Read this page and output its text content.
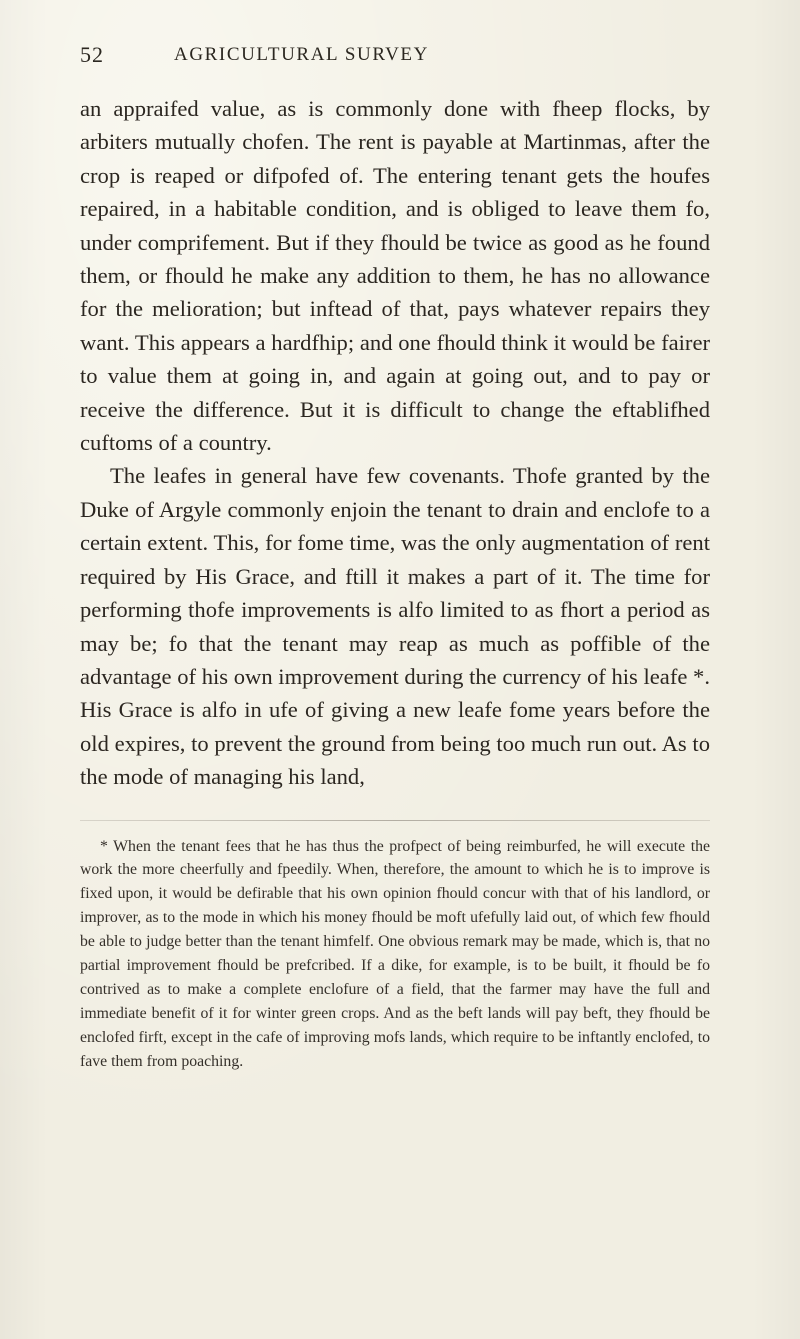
52	AGRICULTURAL SURVEY

an appraifed value, as is commonly done with fheep flocks, by arbiters mutually chofen. The rent is payable at Martinmas, after the crop is reaped or difpofed of. The entering tenant gets the houfes repaired, in a habitable condition, and is obliged to leave them fo, under comprifement. But if they fhould be twice as good as he found them, or fhould he make any addition to them, he has no allowance for the melioration; but inftead of that, pays whatever repairs they want. This appears a hardfhip; and one fhould think it would be fairer to value them at going in, and again at going out, and to pay or receive the difference. But it is difficult to change the eftablifhed cuftoms of a country.

The leafes in general have few covenants. Thofe granted by the Duke of Argyle commonly enjoin the tenant to drain and enclofe to a certain extent. This, for fome time, was the only augmentation of rent required by His Grace, and ftill it makes a part of it. The time for performing thofe improvements is alfo limited to as fhort a period as may be; fo that the tenant may reap as much as poffible of the advantage of his own improvement during the currency of his leafe *. His Grace is alfo in ufe of giving a new leafe fome years before the old expires, to prevent the ground from being too much run out. As to the mode of managing his land,

* When the tenant fees that he has thus the profpect of being reimburfed, he will execute the work the more cheerfully and fpeedily. When, therefore, the amount to which he is to improve is fixed upon, it would be defirable that his own opinion fhould concur with that of his landlord, or improver, as to the mode in which his money fhould be moft ufefully laid out, of which few fhould be able to judge better than the tenant himfelf. One obvious remark may be made, which is, that no partial improvement fhould be prefcribed. If a dike, for example, is to be built, it fhould be fo contrived as to make a complete enclofure of a field, that the farmer may have the full and immediate benefit of it for winter green crops. And as the beft lands will pay beft, they fhould be enclofed firft, except in the cafe of improving mofs lands, which require to be inftantly enclofed, to fave them from poaching.
